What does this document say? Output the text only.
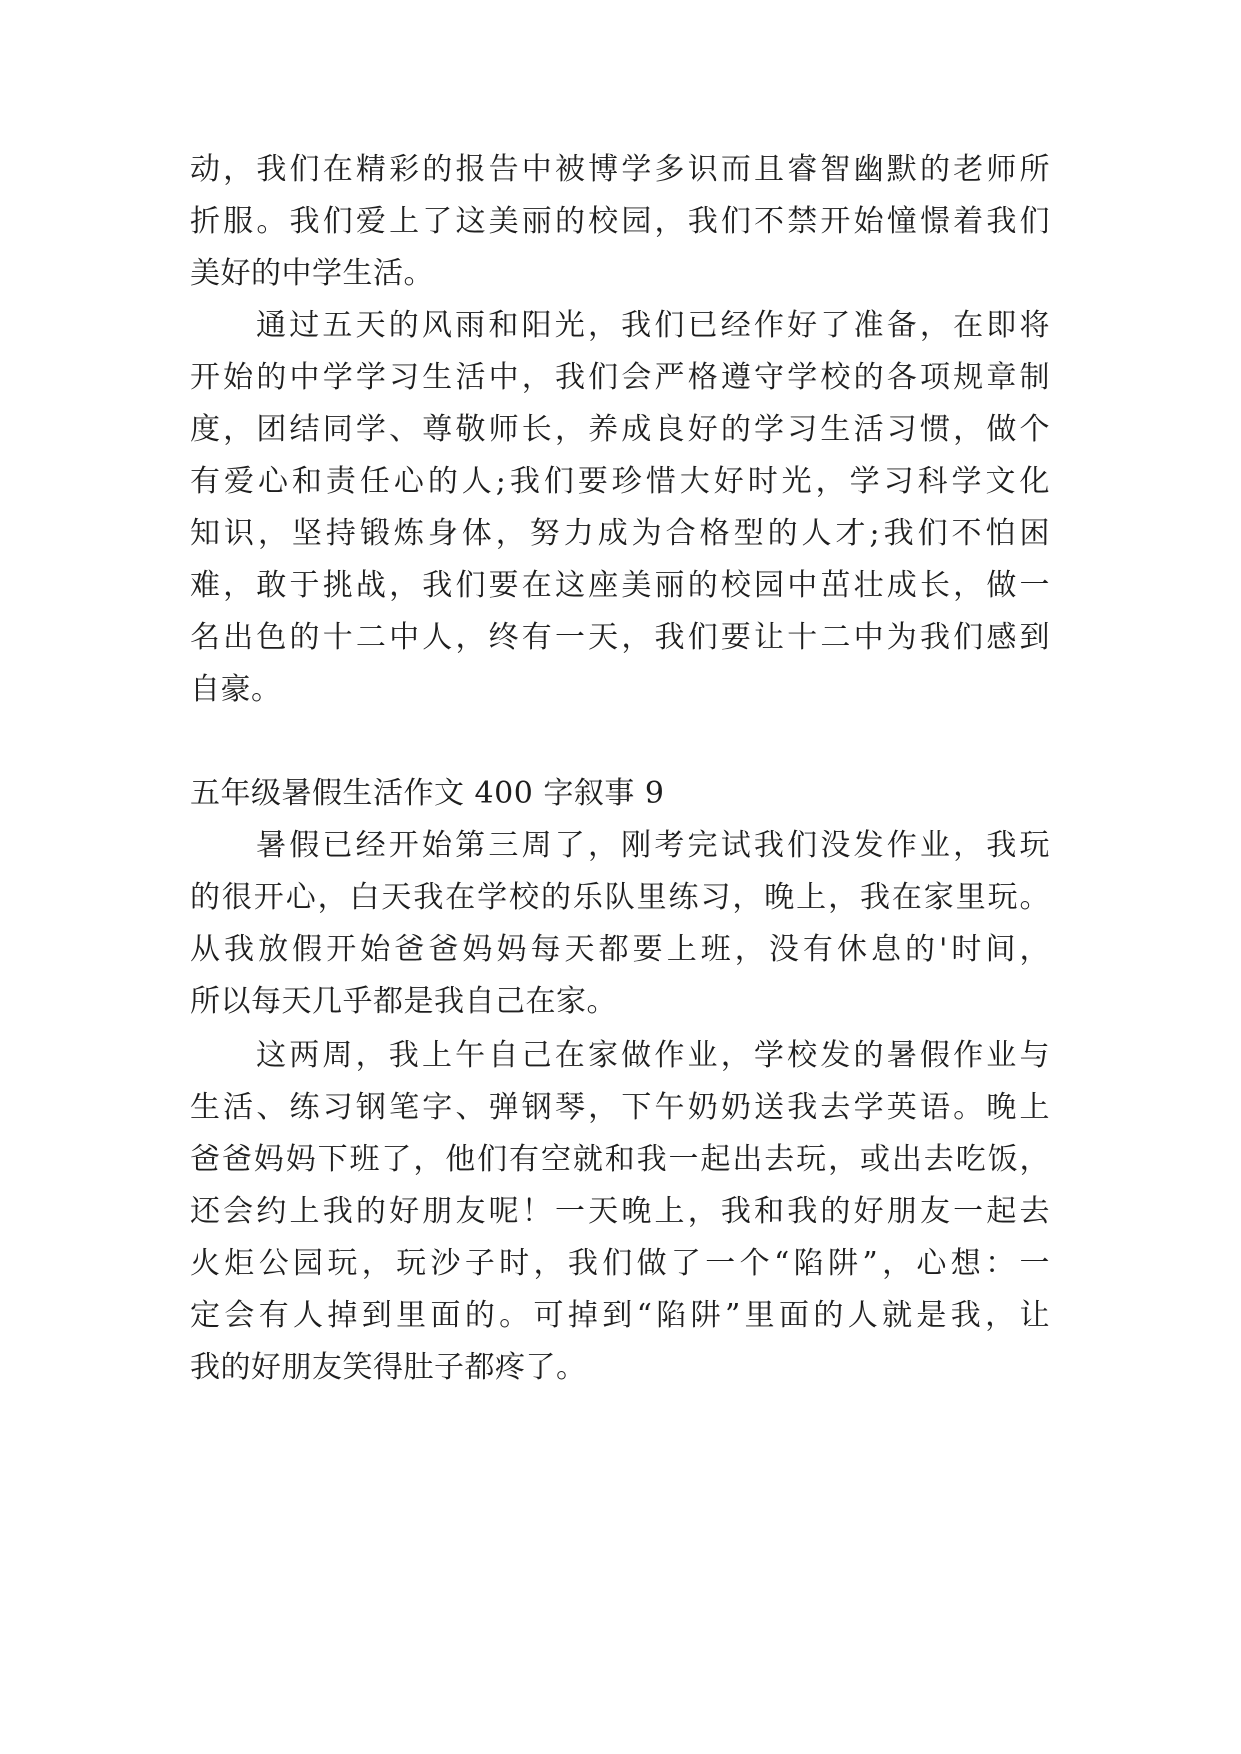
动，我们在精彩的报告中被博学多识而且睿智幽默的老师所
折服。我们爱上了这美丽的校园，我们不禁开始憧憬着我们
美好的中学生活。
通过五天的风雨和阳光，我们已经作好了准备，在即将
开始的中学学习生活中，我们会严格遵守学校的各项规章制
度，团结同学、尊敬师长，养成良好的学习生活习惯，做个
有爱心和责任心的人;我们要珍惜大好时光，学习科学文化
知识，坚持锻炼身体，努力成为合格型的人才;我们不怕困
难，敢于挑战，我们要在这座美丽的校园中茁壮成长，做一
名出色的十二中人，终有一天，我们要让十二中为我们感到
自豪。
五年级暑假生活作文 400 字叙事 9
暑假已经开始第三周了，刚考完试我们没发作业，我玩
的很开心，白天我在学校的乐队里练习，晚上，我在家里玩。
从我放假开始爸爸妈妈每天都要上班，没有休息的'时间，
所以每天几乎都是我自己在家。
这两周，我上午自己在家做作业，学校发的暑假作业与
生活、练习钢笔字、弹钢琴，下午奶奶送我去学英语。晚上
爸爸妈妈下班了，他们有空就和我一起出去玩，或出去吃饭，
还会约上我的好朋友呢！一天晚上，我和我的好朋友一起去
火炬公园玩，玩沙子时，我们做了一个“陷阱”，心想：一
定会有人掉到里面的。可掉到“陷阱”里面的人就是我，让
我的好朋友笑得肚子都疼了。
